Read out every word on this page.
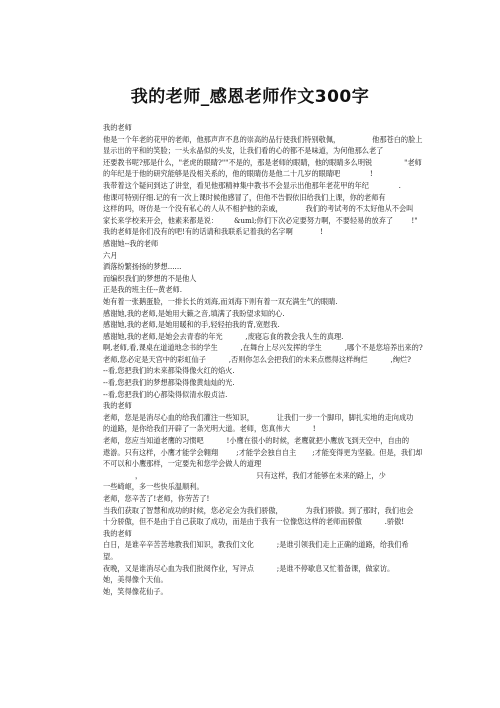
我的老师_感恩老师作文300字
我的老师
他是一个年老的花甲的老师，他那声声不息的崇高的品行使我们特别敬佩，              他那苍白的脸上
显示出的平和的笑脸；一头永晶似的头发，让我们看的心的都不是味道，为何他那么老了
还要教书呢?那是什么，"老虎的眼睛?""不是的，那是老师的眼睛，他的眼睛多么明锐              "老师
的年纪是于他的研究能够是没相关系的，他的眼睛仿是他二十几岁的眼睛吧             !
我带着这个疑问到达了讲堂，看见他那精神集中教书不会显示出他那年老花甲的年纪             .
他课可特别仔细.记的有一次上课时候他感冒了，但他不告假依旧给我们上课，你的老师有
这样的吗，呀仿是一个没有私心的人从不相护他的亲戚，          我们的考试考的不太好他从不会叫
家长来学校来开会，他素来都是说：       &uml;你们下次必定要努力啊，不要轻易的放弃了        !"
我的老师是你们没有的吧!有的话请和我联系记着我的名字啊            !
感谢她--我的老师
六月
洒落纷繁扬扬的梦想......
而编织我们的梦想的不是他人
正是我的班主任--黄老师.
她有着一张鹅蛋脸，一排长长的刘海,而刘海下则有着一双充满生气的眼睛.
感谢她,我的老师,是她用大籁之音,填满了我盼望求知的心.
感谢她,我的老师,是她用暖和的手,轻轻拍我的背,宽慰我.
感谢她,我的老师,是她会去青春的年光          ,废寝忘食的教会我人生的真理.
啊,老师,看,课桌在道道地念书的学生          ,在舞台上尽兴发挥的学生          ,哪个不是您培养出来的?
老师,您必定是天宫中的彩虹仙子          ,否则你怎么会把我们的未来点燃得这样绚烂          ,绚烂?
--看,您把我们的未来都染得像火红的焰火.
--看,您把我们的梦想都染得像黄灿灿的光.
--看,您把我们的心都染得似清水般贞洁.
我的老师
老师，您是是消尽心血的给我们灌注一些知识，          让我们一步一个脚印，脚扎实地的走向成功
的道路，是你给我们开辟了一条光明大道。老师，您真伟大          !
老师，您应当知道老鹰的习惯吧          !小鹰在很小的时候，老鹰就把小鹰放飞到天空中，自由的
遨游。只有这样，小鹰才能学会翱翔        ;才能学会独自自主       ;才能变得更为坚毅。但是，我们却
不可以和小鹰那样，一定要先和您学会做人的道理
，                                                  只有这样，我们才能够在未来的路上，少
一些崎岖，多一些快乐温顺利。
老师，您辛苦了!老师，你劳苦了!
当我们获取了智慧和成功的时候，您必定会为我们骄傲，          为我们骄傲。到了那时，我们也会
十分骄傲，但不是由于自己获取了成功，而是由于我有一位像您这样的老师而骄傲          .骄傲!
我的老师
白日，是谁辛辛苦苦地教我们知识，教我们文化          ;是谁引领我们走上正确的道路，给我们希
望。
夜晚，又是谁消尽心血为我们批阅作业，写评点          ;是谁不停歇息又忙着备课，做家访。
她，美得像个天仙。
她，笑得像花仙子。
